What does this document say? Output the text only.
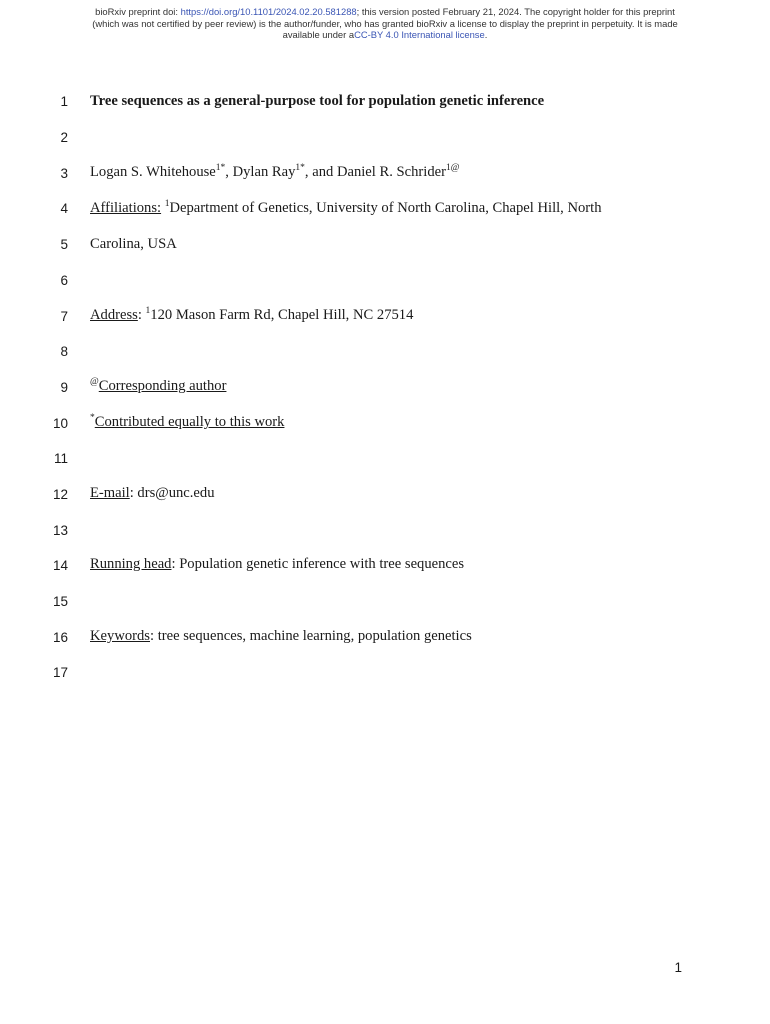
bioRxiv preprint doi: https://doi.org/10.1101/2024.02.20.581288; this version posted February 21, 2024. The copyright holder for this preprint
(which was not certified by peer review) is the author/funder, who has granted bioRxiv a license to display the preprint in perpetuity. It is made
available under aCC-BY 4.0 International license.
1
2
3
4
5
6
7
8
9
10
11
12
13
14
15
16
17
Tree sequences as a general-purpose tool for population genetic inference
Logan S. Whitehouse$^{1*}$, Dylan Ray$^{1*}$, and Daniel R. Schrider$^{1@}$
Affiliations: $^1$Department of Genetics, University of North Carolina, Chapel Hill, North
Carolina, USA
Address: $^1$120 Mason Farm Rd, Chapel Hill, NC 27514
@Corresponding author
*Contributed equally to this work
E-mail: drs@unc.edu
Running head: Population genetic inference with tree sequences
Keywords: tree sequences, machine learning, population genetics
1
